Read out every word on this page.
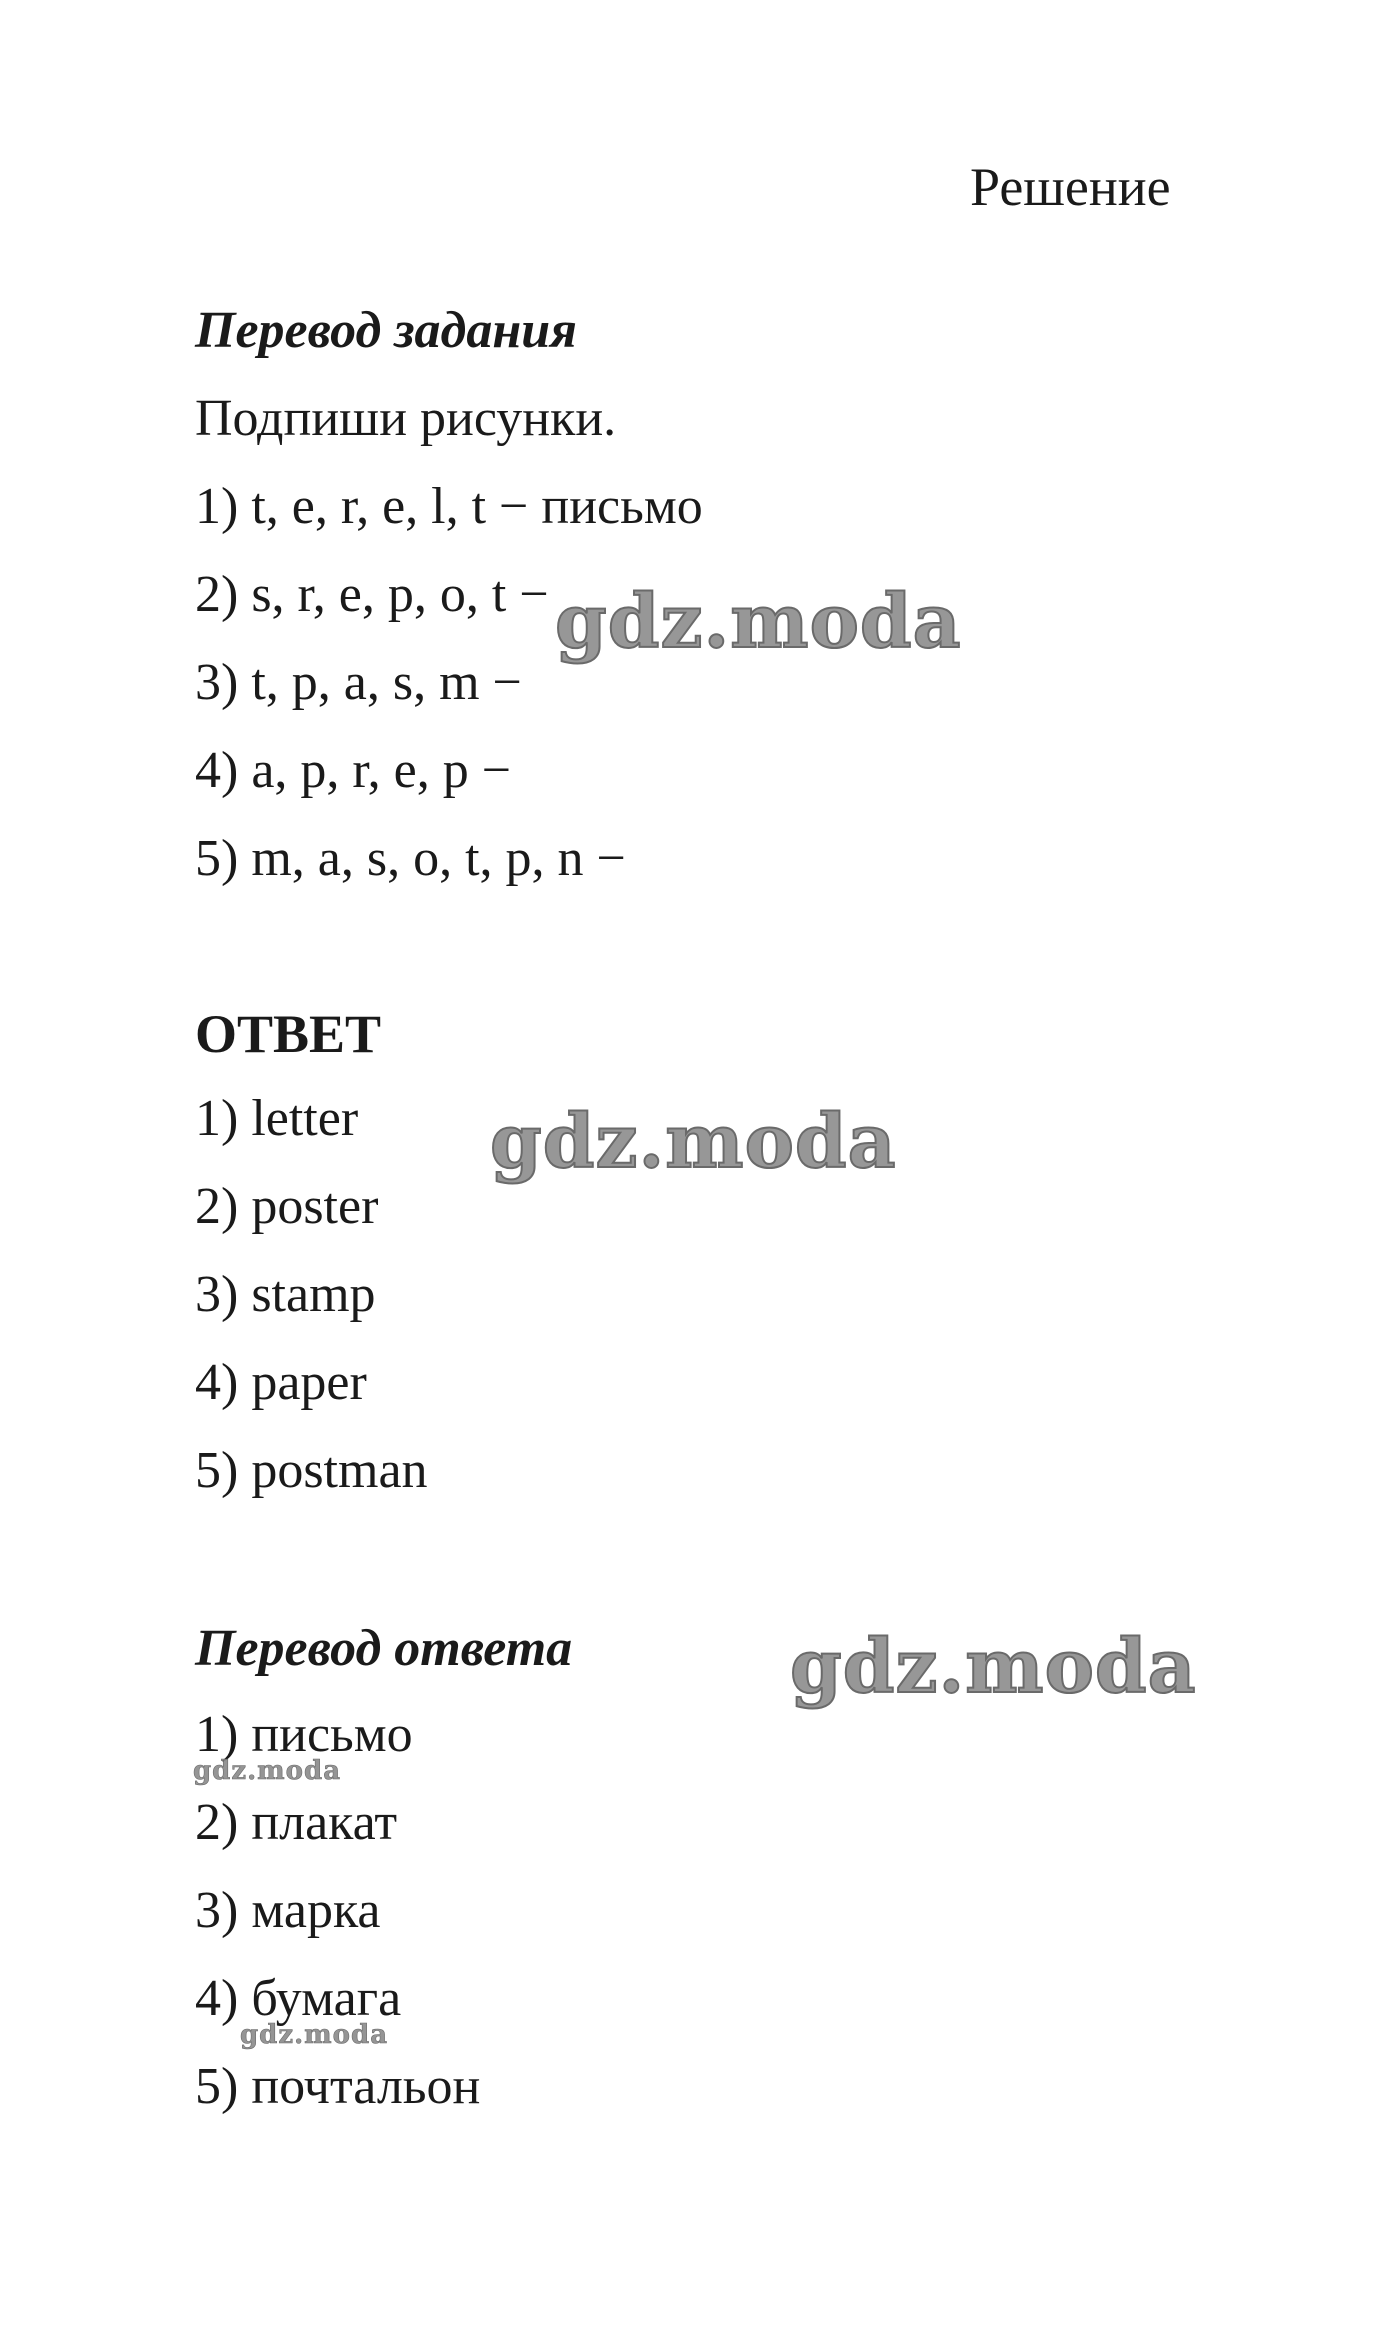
Решение
Перевод задания
Подпиши рисунки.
1) t, e, r, e, l, t − письмо
2) s, r, e, p, o, t −
3) t, p, a, s, m −
4) a, p, r, e, p −
5) m, a, s, o, t, p, n −
ОТВЕТ
1) letter
2) poster
3) stamp
4) paper
5) postman
Перевод ответа
1) письмо
2) плакат
3) марка
4) бумага
5) почтальон
gdz.moda
gdz.moda
gdz.moda
gdz.moda
gdz.moda
